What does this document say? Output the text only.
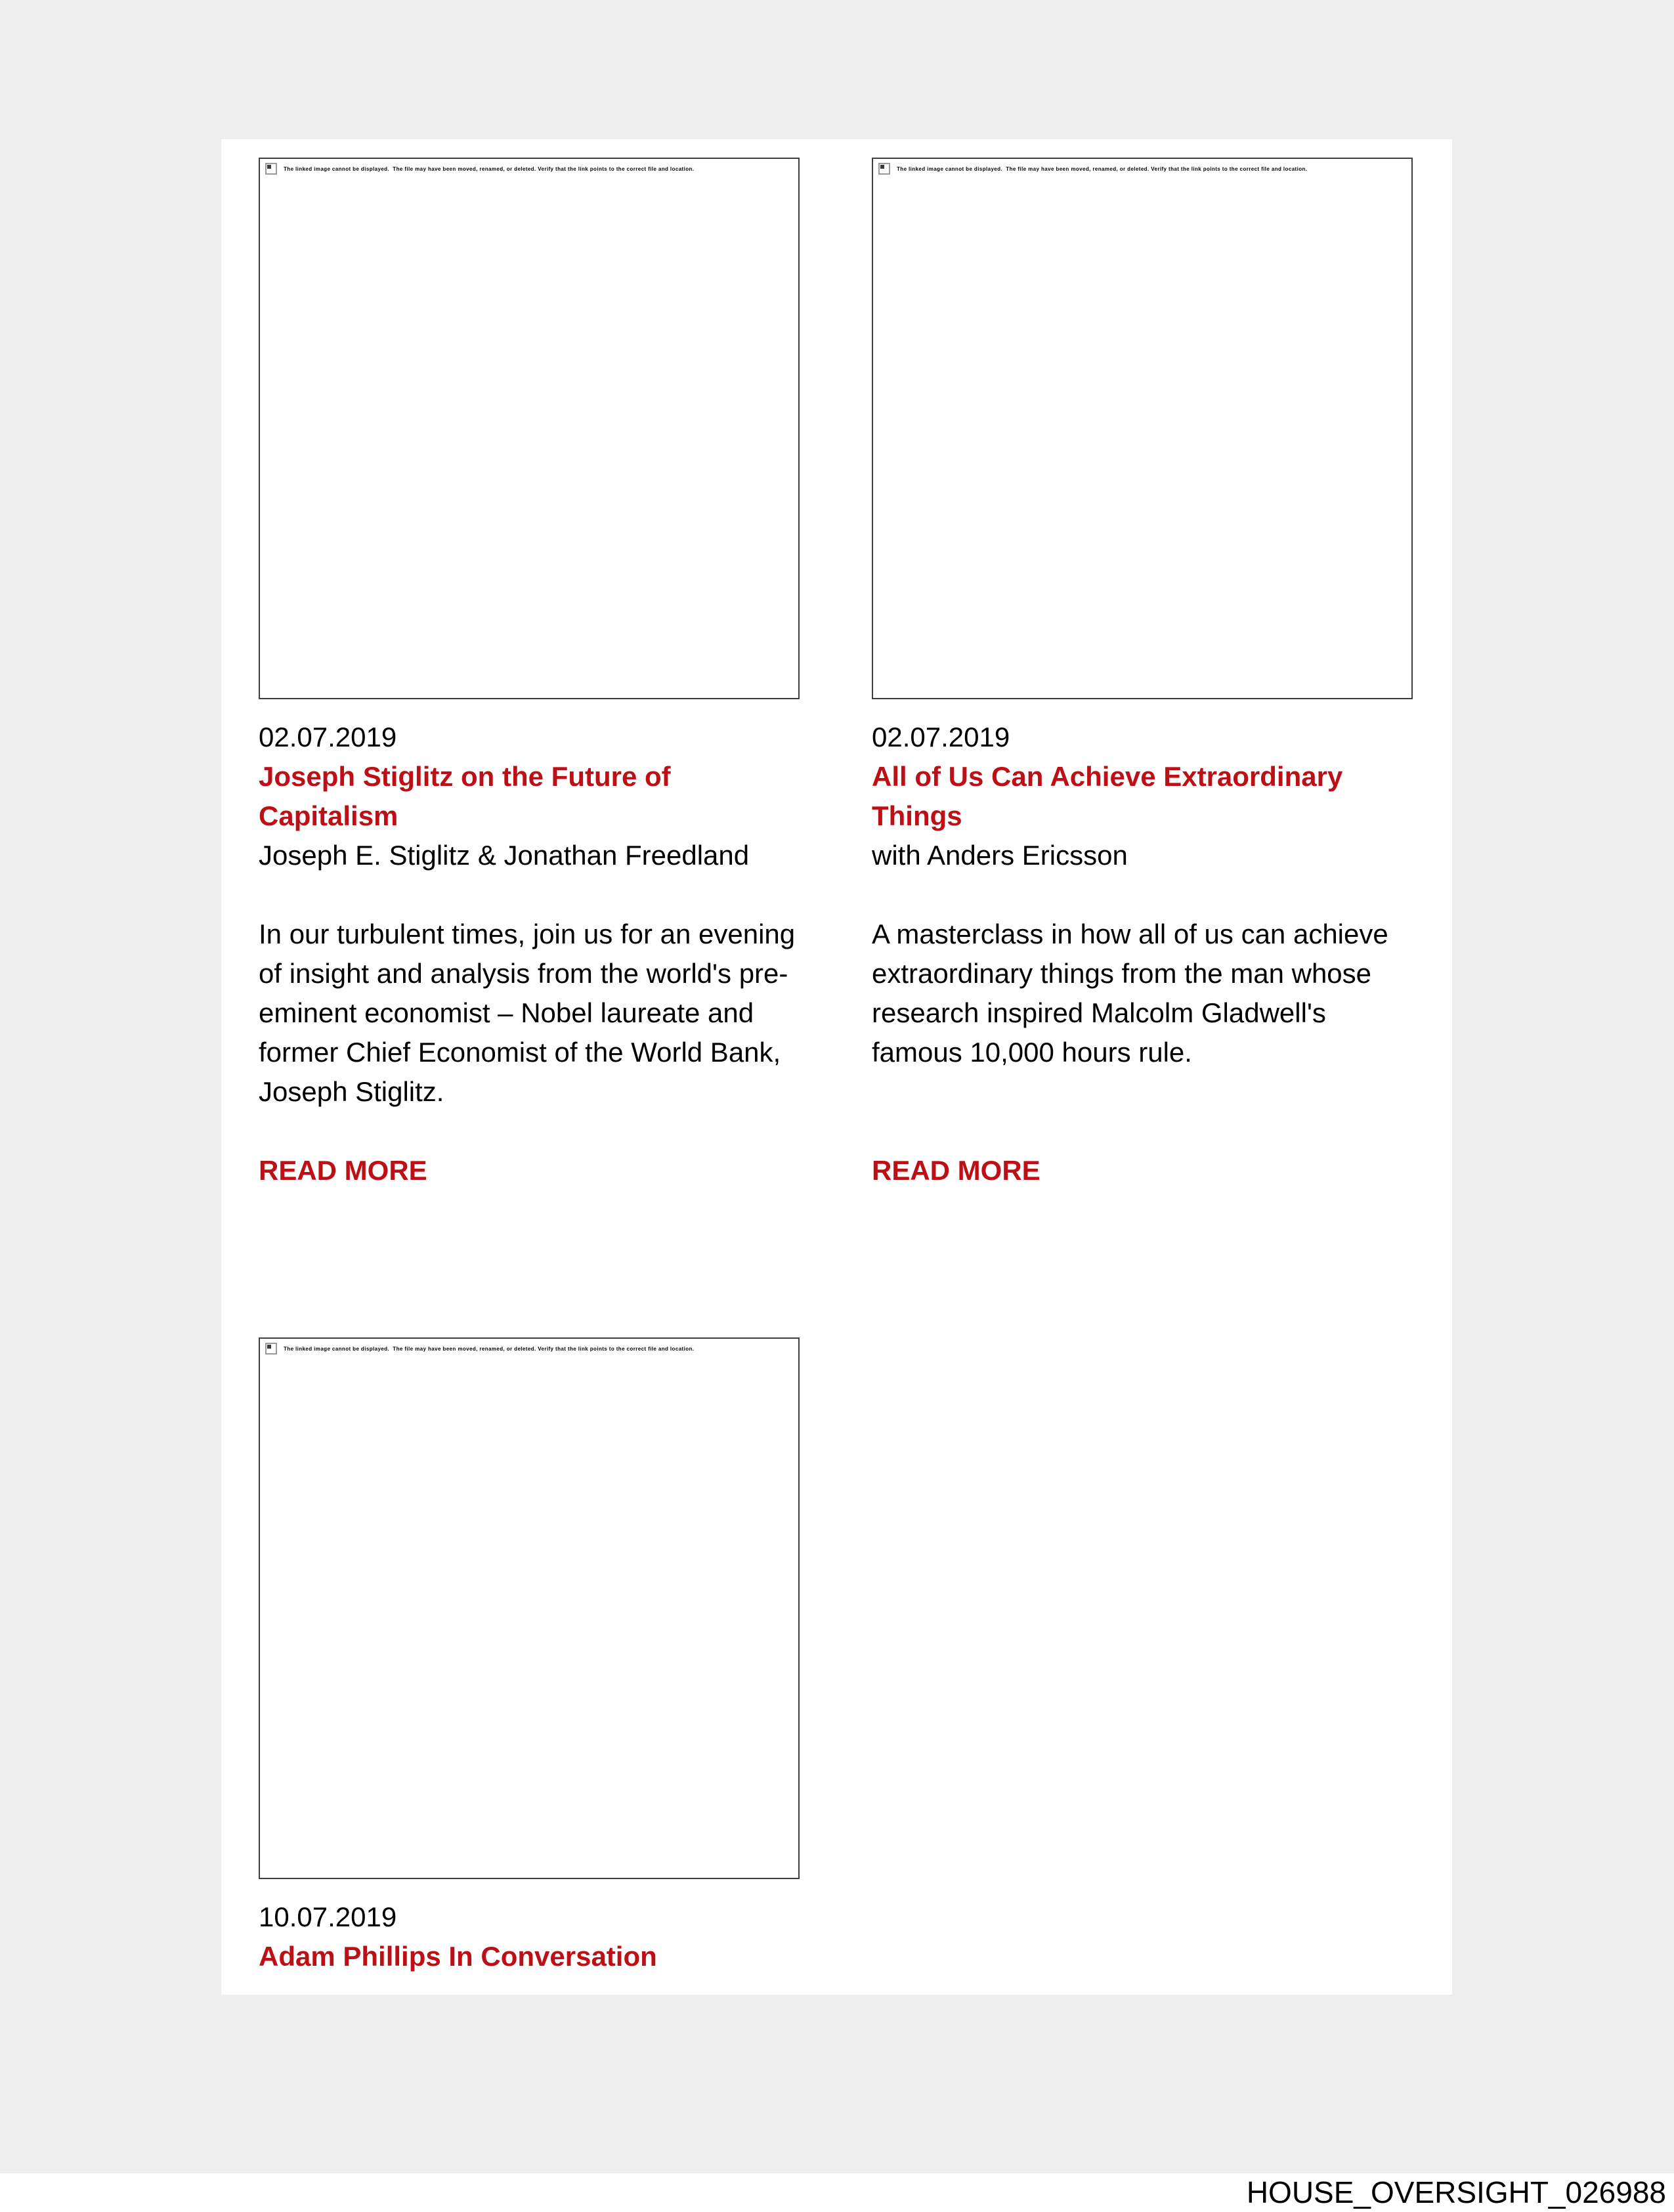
The linked image cannot be displayed.  The file may have been moved, renamed, or deleted. Verify that the link points to the correct file and location.
02.07.2019
Joseph Stiglitz on the Future of Capitalism
Joseph E. Stiglitz & Jonathan Freedland
In our turbulent times, join us for an evening of insight and analysis from the world's pre-eminent economist – Nobel laureate and former Chief Economist of the World Bank, Joseph Stiglitz.
READ MORE
The linked image cannot be displayed.  The file may have been moved, renamed, or deleted. Verify that the link points to the correct file and location.
02.07.2019
All of Us Can Achieve Extraordinary Things
with Anders Ericsson
A masterclass in how all of us can achieve extraordinary things from the man whose research inspired Malcolm Gladwell's famous 10,000 hours rule.
READ MORE
The linked image cannot be displayed.  The file may have been moved, renamed, or deleted. Verify that the link points to the correct file and location.
10.07.2019
Adam Phillips In Conversation
HOUSE_OVERSIGHT_026988
